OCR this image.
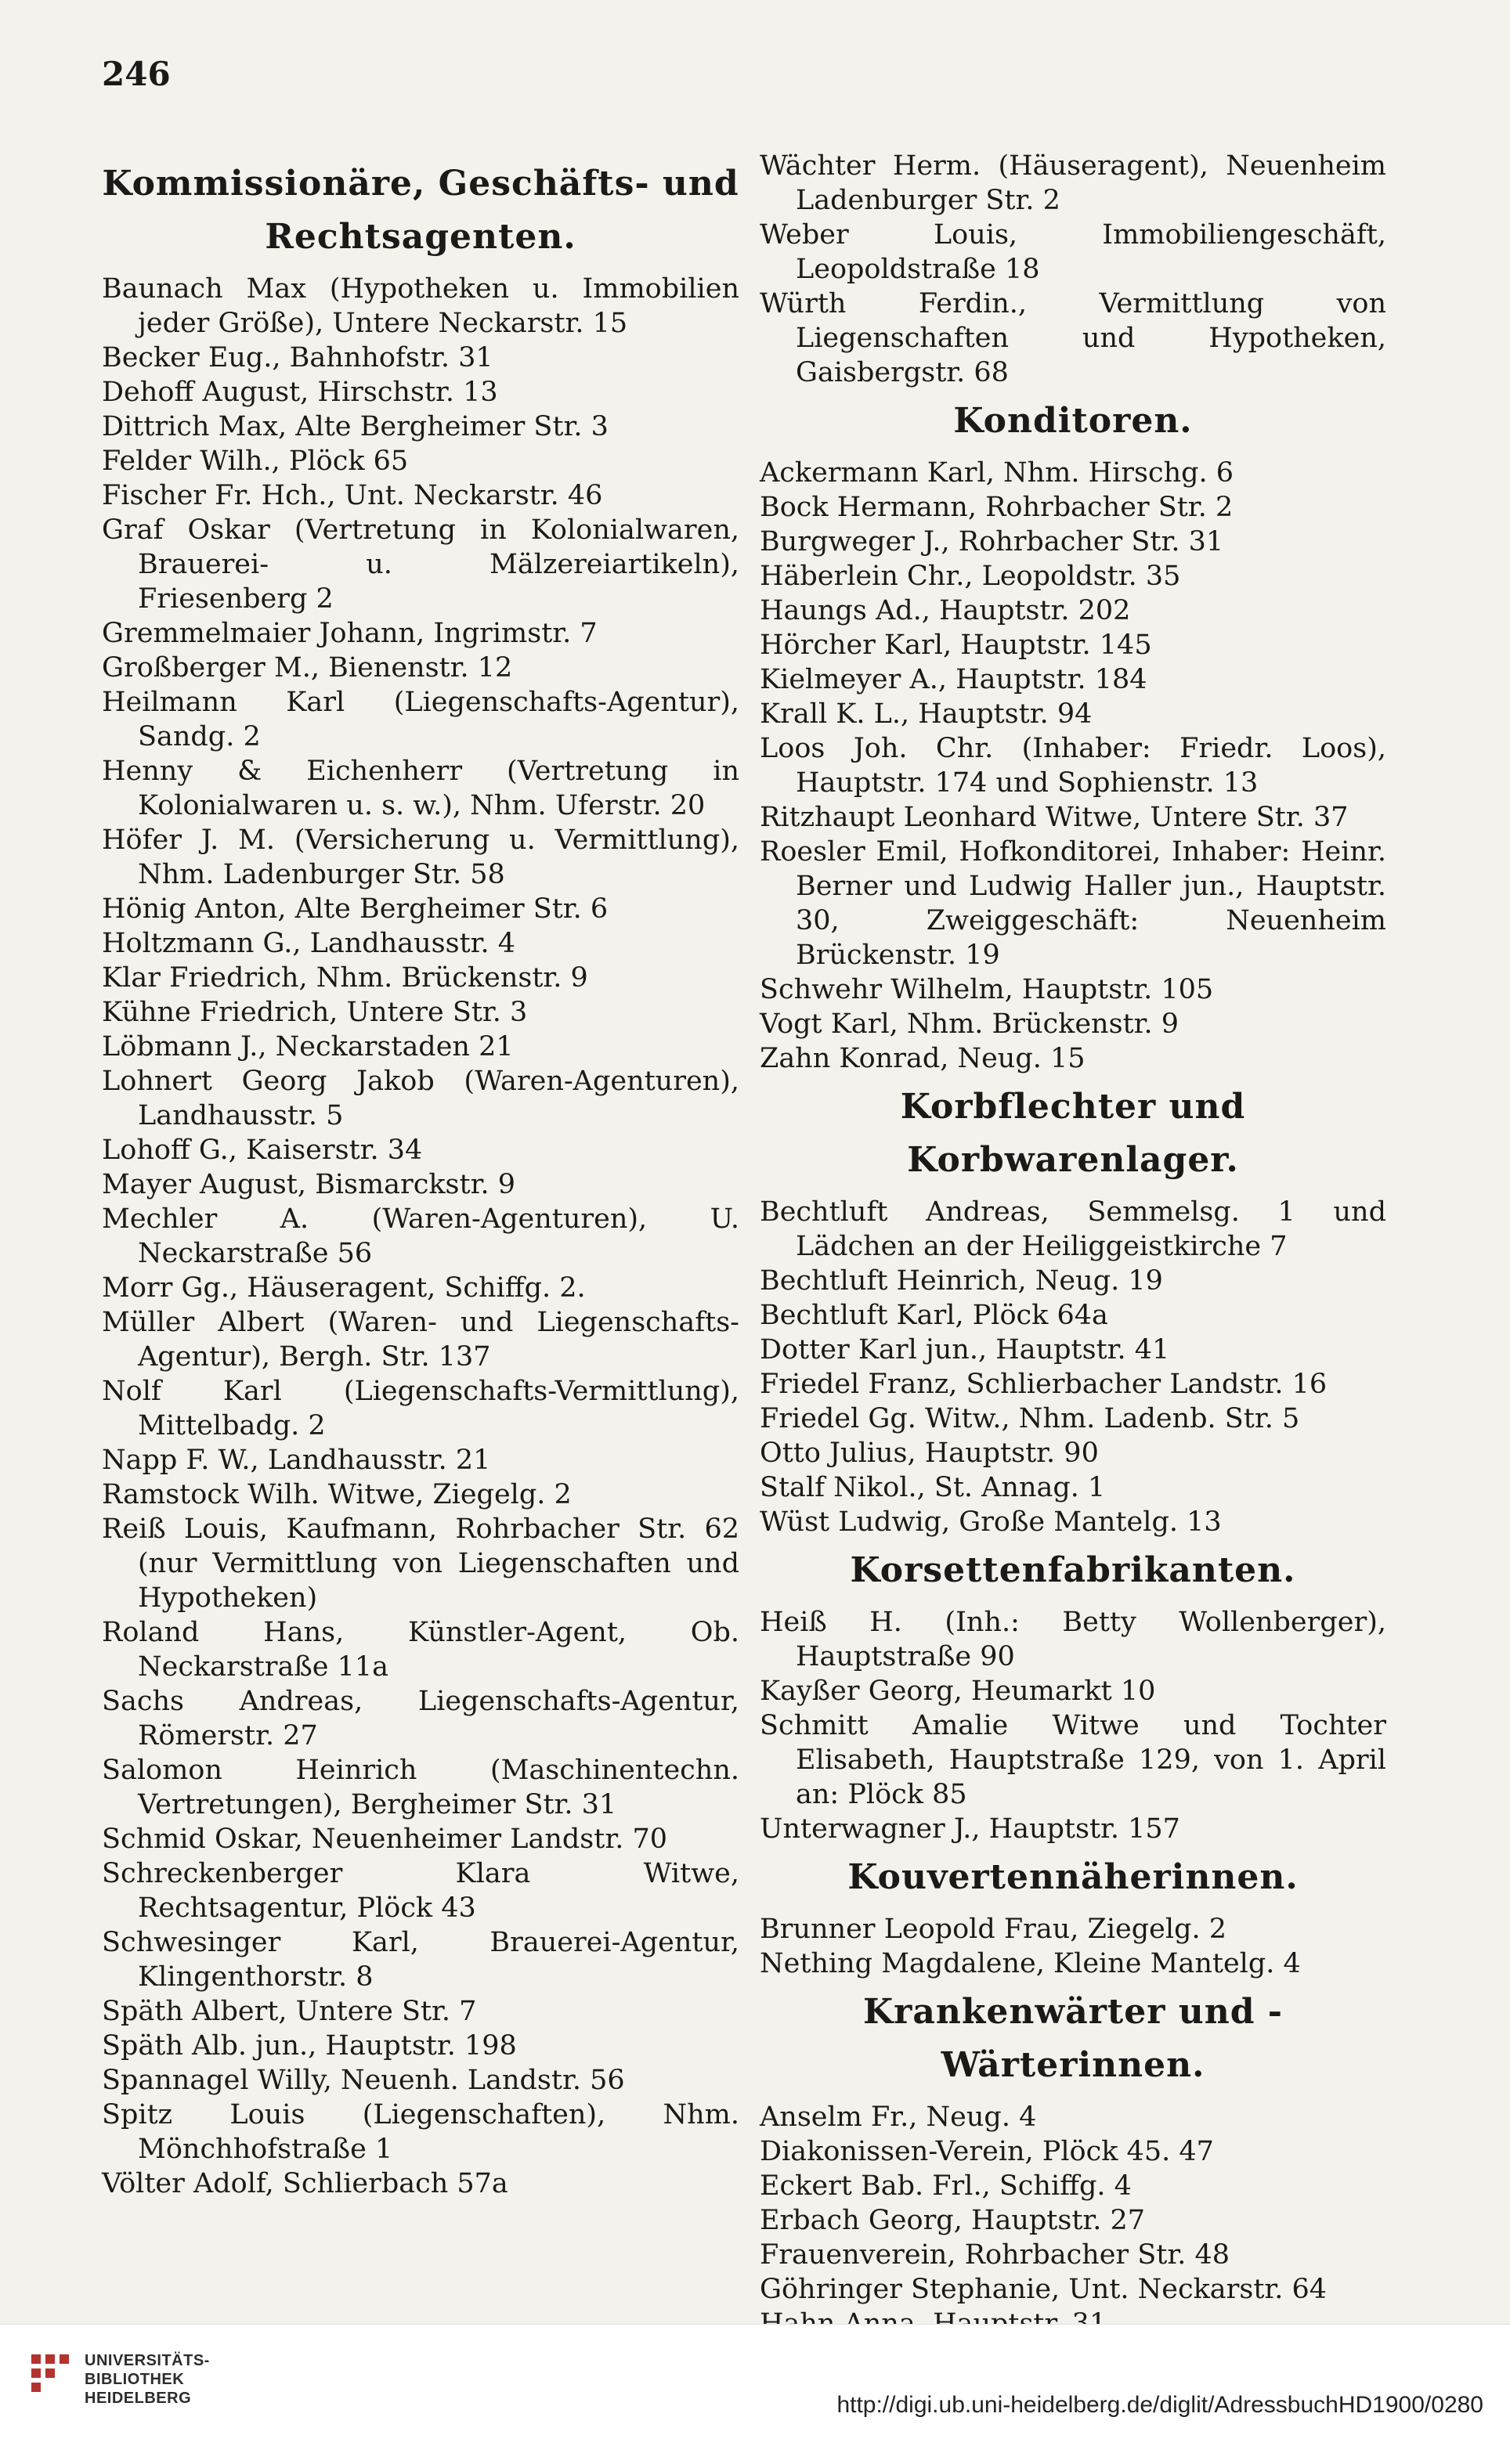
246
Kommissionäre, Geschäfts- und Rechtsagenten.
Baunach Max (Hypotheken u. Immobilien jeder Größe), Untere Neckarstr. 15
Becker Eug., Bahnhofstr. 31
Dehoff August, Hirschstr. 13
Dittrich Max, Alte Bergheimer Str. 3
Felder Wilh., Plöck 65
Fischer Fr. Hch., Unt. Neckarstr. 46
Graf Oskar (Vertretung in Kolonialwaren, Brauerei- u. Mälzereiartikeln), Friesenberg 2
Gremmelmaier Johann, Ingrimstr. 7
Großberger M., Bienenstr. 12
Heilmann Karl (Liegenschafts-Agentur), Sandg. 2
Henny & Eichenherr (Vertretung in Kolonialwaren u. s. w.), Nhm. Uferstr. 20
Höfer J. M. (Versicherung u. Vermittlung), Nhm. Ladenburger Str. 58
Hönig Anton, Alte Bergheimer Str. 6
Holtzmann G., Landhausstr. 4
Klar Friedrich, Nhm. Brückenstr. 9
Kühne Friedrich, Untere Str. 3
Löbmann J., Neckarstaden 21
Lohnert Georg Jakob (Waren-Agenturen), Landhausstr. 5
Lohoff G., Kaiserstr. 34
Mayer August, Bismarckstr. 9
Mechler A. (Waren-Agenturen), U. Neckarstraße 56
Morr Gg., Häuseragent, Schiffg. 2.
Müller Albert (Waren- und Liegenschafts-Agentur), Bergh. Str. 137
Nolf Karl (Liegenschafts-Vermittlung), Mittelbadg. 2
Napp F. W., Landhausstr. 21
Ramstock Wilh. Witwe, Ziegelg. 2
Reiß Louis, Kaufmann, Rohrbacher Str. 62 (nur Vermittlung von Liegenschaften und Hypotheken)
Roland Hans, Künstler-Agent, Ob. Neckarstraße 11a
Sachs Andreas, Liegenschafts-Agentur, Römerstr. 27
Salomon Heinrich (Maschinentechn. Vertretungen), Bergheimer Str. 31
Schmid Oskar, Neuenheimer Landstr. 70
Schreckenberger Klara Witwe, Rechtsagentur, Plöck 43
Schwesinger Karl, Brauerei-Agentur, Klingenthorstr. 8
Späth Albert, Untere Str. 7
Späth Alb. jun., Hauptstr. 198
Spannagel Willy, Neuenh. Landstr. 56
Spitz Louis (Liegenschaften), Nhm. Mönchhofstraße 1
Völter Adolf, Schlierbach 57a
Wächter Herm. (Häuseragent), Neuenheim Ladenburger Str. 2
Weber Louis, Immobiliengeschäft, Leopoldstraße 18
Würth Ferdin., Vermittlung von Liegenschaften und Hypotheken, Gaisbergstr. 68
Konditoren.
Ackermann Karl, Nhm. Hirschg. 6
Bock Hermann, Rohrbacher Str. 2
Burgweger J., Rohrbacher Str. 31
Häberlein Chr., Leopoldstr. 35
Haungs Ad., Hauptstr. 202
Hörcher Karl, Hauptstr. 145
Kielmeyer A., Hauptstr. 184
Krall K. L., Hauptstr. 94
Loos Joh. Chr. (Inhaber: Friedr. Loos), Hauptstr. 174 und Sophienstr. 13
Ritzhaupt Leonhard Witwe, Untere Str. 37
Roesler Emil, Hofkonditorei, Inhaber: Heinr. Berner und Ludwig Haller jun., Hauptstr. 30, Zweiggeschäft: Neuenheim Brückenstr. 19
Schwehr Wilhelm, Hauptstr. 105
Vogt Karl, Nhm. Brückenstr. 9
Zahn Konrad, Neug. 15
Korbflechter und Korbwarenlager.
Bechtluft Andreas, Semmelsg. 1 und Lädchen an der Heiliggeistkirche 7
Bechtluft Heinrich, Neug. 19
Bechtluft Karl, Plöck 64a
Dotter Karl jun., Hauptstr. 41
Friedel Franz, Schlierbacher Landstr. 16
Friedel Gg. Witw., Nhm. Ladenb. Str. 5
Otto Julius, Hauptstr. 90
Stalf Nikol., St. Annag. 1
Wüst Ludwig, Große Mantelg. 13
Korsettenfabrikanten.
Heiß H. (Inh.: Betty Wollenberger), Hauptstraße 90
Kayßer Georg, Heumarkt 10
Schmitt Amalie Witwe und Tochter Elisabeth, Hauptstraße 129, von 1. April an: Plöck 85
Unterwagner J., Hauptstr. 157
Kouvertennäherinnen.
Brunner Leopold Frau, Ziegelg. 2
Nething Magdalene, Kleine Mantelg. 4
Krankenwärter und -Wärterinnen.
Anselm Fr., Neug. 4
Diakonissen-Verein, Plöck 45. 47
Eckert Bab. Frl., Schiffg. 4
Erbach Georg, Hauptstr. 27
Frauenverein, Rohrbacher Str. 48
Göhringer Stephanie, Unt. Neckarstr. 64
UNIVERSITÄTS-
BIBLIOTHEK
HEIDELBERG	http://digi.ub.uni-heidelberg.de/diglit/AdressbuchHD1900/0280
